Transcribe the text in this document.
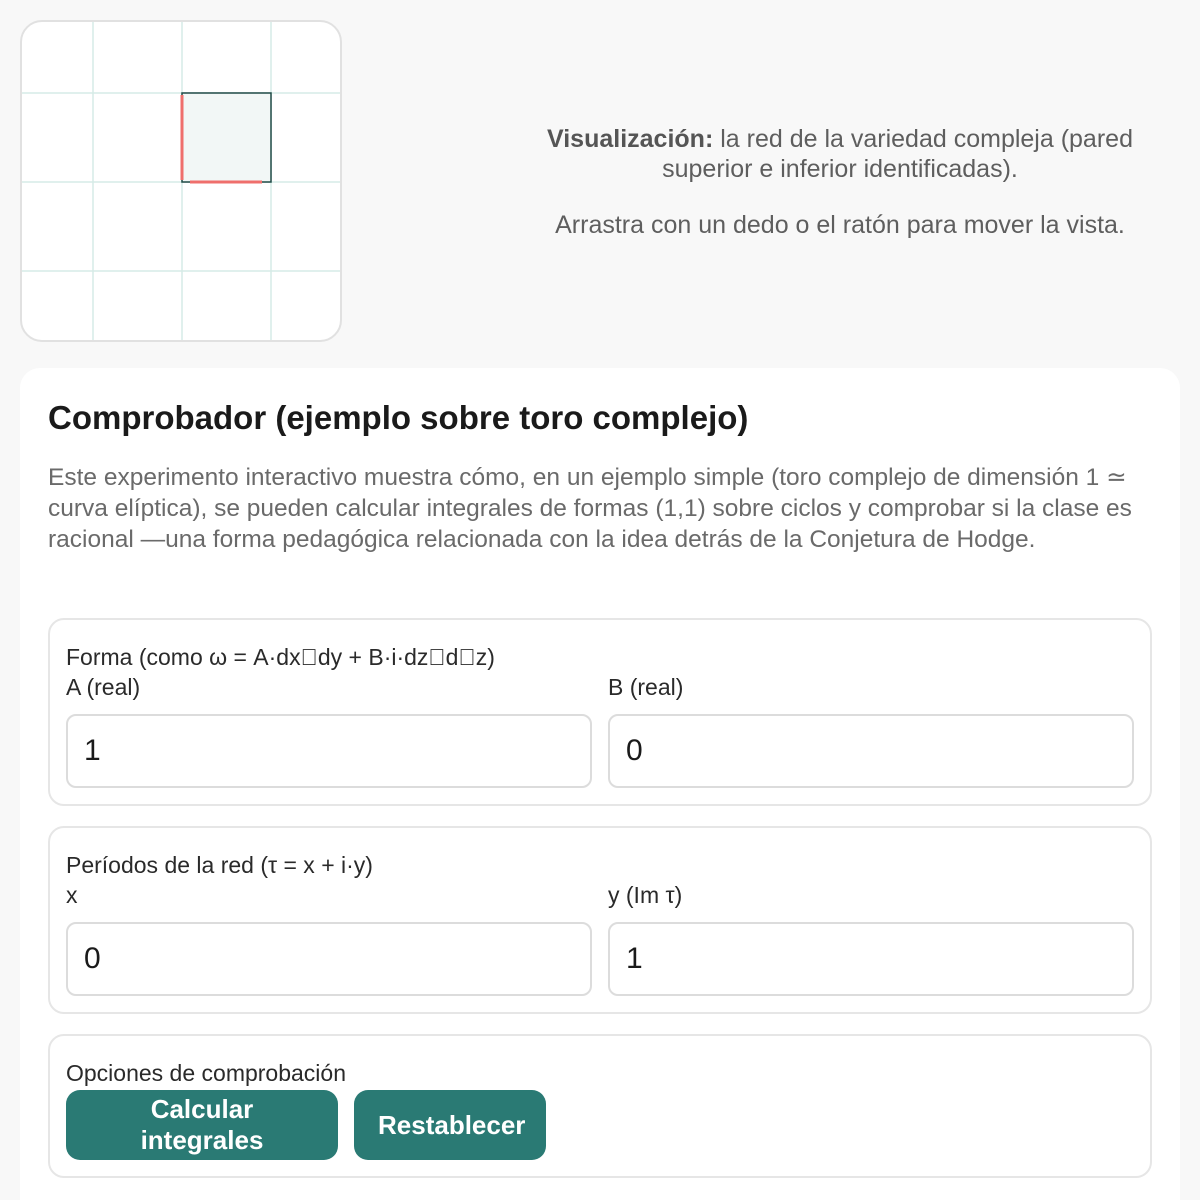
Visualización: la red de la variedad compleja (pared superior e inferior identificadas).

Arrastra con un dedo o el ratón para mover la vista.

Comprobador (ejemplo sobre toro complejo)

Este experimento interactivo muestra cómo, en un ejemplo simple (toro complejo de dimensión 1 ≃ curva elíptica), se pueden calcular integrales de formas (1,1) sobre ciclos y comprobar si la clase es racional —una forma pedagógica relacionada con la idea detrás de la Conjetura de Hodge.

Forma (como ω = A·dx dy + B·i·dz d z)
A (real)	B (real)
1
0
Períodos de la red (τ = x + i·y)
x	y (Im τ)
0
1
Opciones de comprobación
Calcular integrales
Restablecer
